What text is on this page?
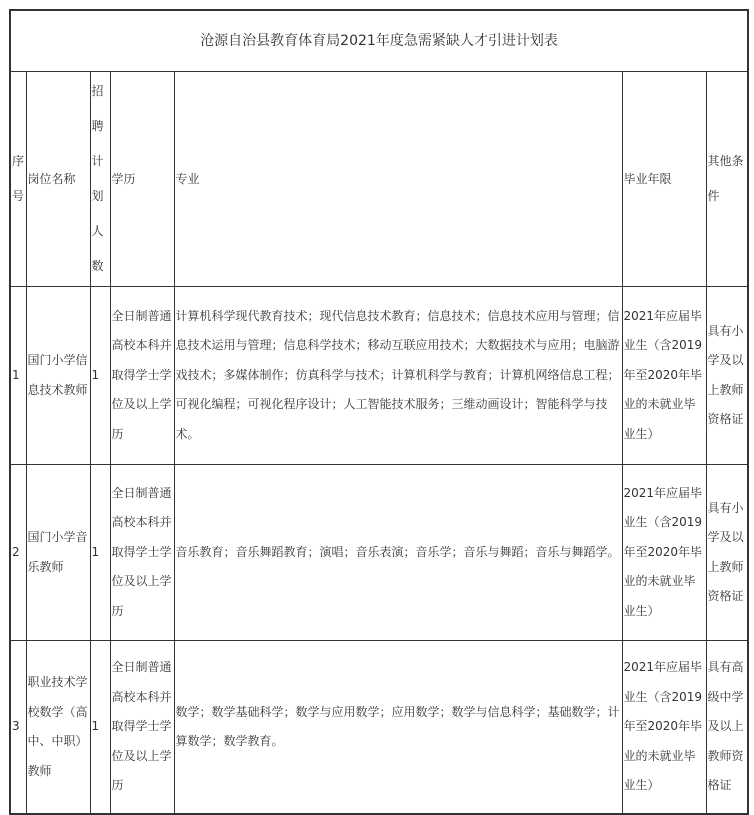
沧源自治县教育体育局2021年度急需紧缺人才引进计划表						
序号	岗位名称	招聘计划人数	学历	专业	毕业年限	其他条件
1	国门小学信息技术教师	1	全日制普通高校本科并取得学士学位及以上学历	计算机科学现代教育技术；现代信息技术教育；信息技术；信息技术应用与管理；信息技术运用与管理；信息科学技术；移动互联应用技术；大数据技术与应用；电脑游戏技术；多媒体制作；仿真科学与技术；计算机科学与教育；计算机网络信息工程；可视化编程；可视化程序设计；人工智能技术服务；三维动画设计；智能科学与技术。	2021年应届毕业生（含2019年至2020年毕业的未就业毕业生）	具有小学及以上教师资格证
2	国门小学音乐教师	1	全日制普通高校本科并取得学士学位及以上学历	音乐教育；音乐舞蹈教育；演唱；音乐表演；音乐学；音乐与舞蹈；音乐与舞蹈学。	2021年应届毕业生（含2019年至2020年毕业的未就业毕业生）	具有小学及以上教师资格证
3	职业技术学校数学（高中、中职）教师	1	全日制普通高校本科并取得学士学位及以上学历	数学；数学基础科学；数学与应用数学；应用数学；数学与信息科学；基础数学；计算数学；数学教育。	2021年应届毕业生（含2019年至2020年毕业的未就业毕业生）	具有高级中学及以上教师资格证
